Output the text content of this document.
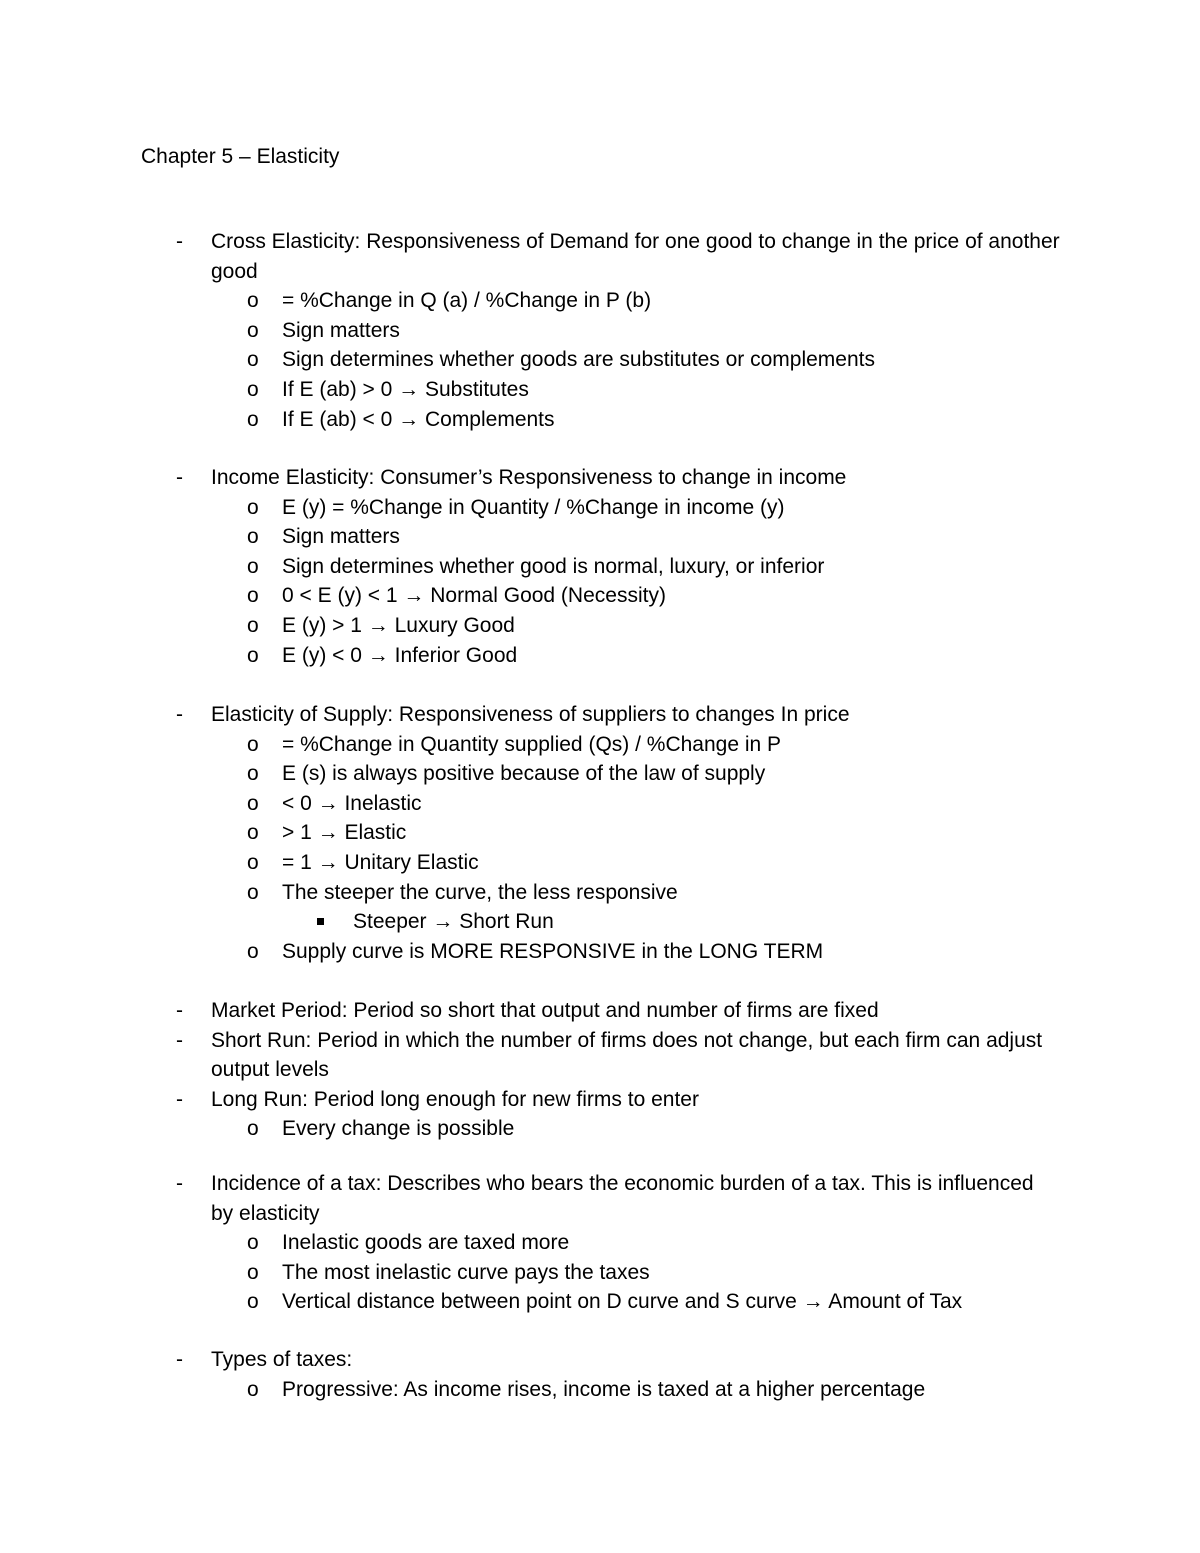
Chapter 5 – Elasticity
- Cross Elasticity: Responsiveness of Demand for one good to change in the price of another good
o = %Change in Q (a) / %Change in P (b)
o Sign matters
o Sign determines whether goods are substitutes or complements
o If E (ab) > 0 → Substitutes
o If E (ab) < 0 → Complements
- Income Elasticity: Consumer’s Responsiveness to change in income
o E (y) = %Change in Quantity / %Change in income (y)
o Sign matters
o Sign determines whether good is normal, luxury, or inferior
o 0 < E (y) < 1 → Normal Good (Necessity)
o E (y) > 1 → Luxury Good
o E (y) < 0 → Inferior Good
- Elasticity of Supply: Responsiveness of suppliers to changes In price
o = %Change in Quantity supplied (Qs) / %Change in P
o E (s) is always positive because of the law of supply
o < 0 → Inelastic
o > 1 → Elastic
o = 1 → Unitary Elastic
o The steeper the curve, the less responsive
Steeper → Short Run
o Supply curve is MORE RESPONSIVE in the LONG TERM
- Market Period: Period so short that output and number of firms are fixed
- Short Run: Period in which the number of firms does not change, but each firm can adjust output levels
- Long Run: Period long enough for new firms to enter
o Every change is possible
- Incidence of a tax: Describes who bears the economic burden of a tax. This is influenced by elasticity
o Inelastic goods are taxed more
o The most inelastic curve pays the taxes
o Vertical distance between point on D curve and S curve → Amount of Tax
- Types of taxes:
o Progressive: As income rises, income is taxed at a higher percentage
